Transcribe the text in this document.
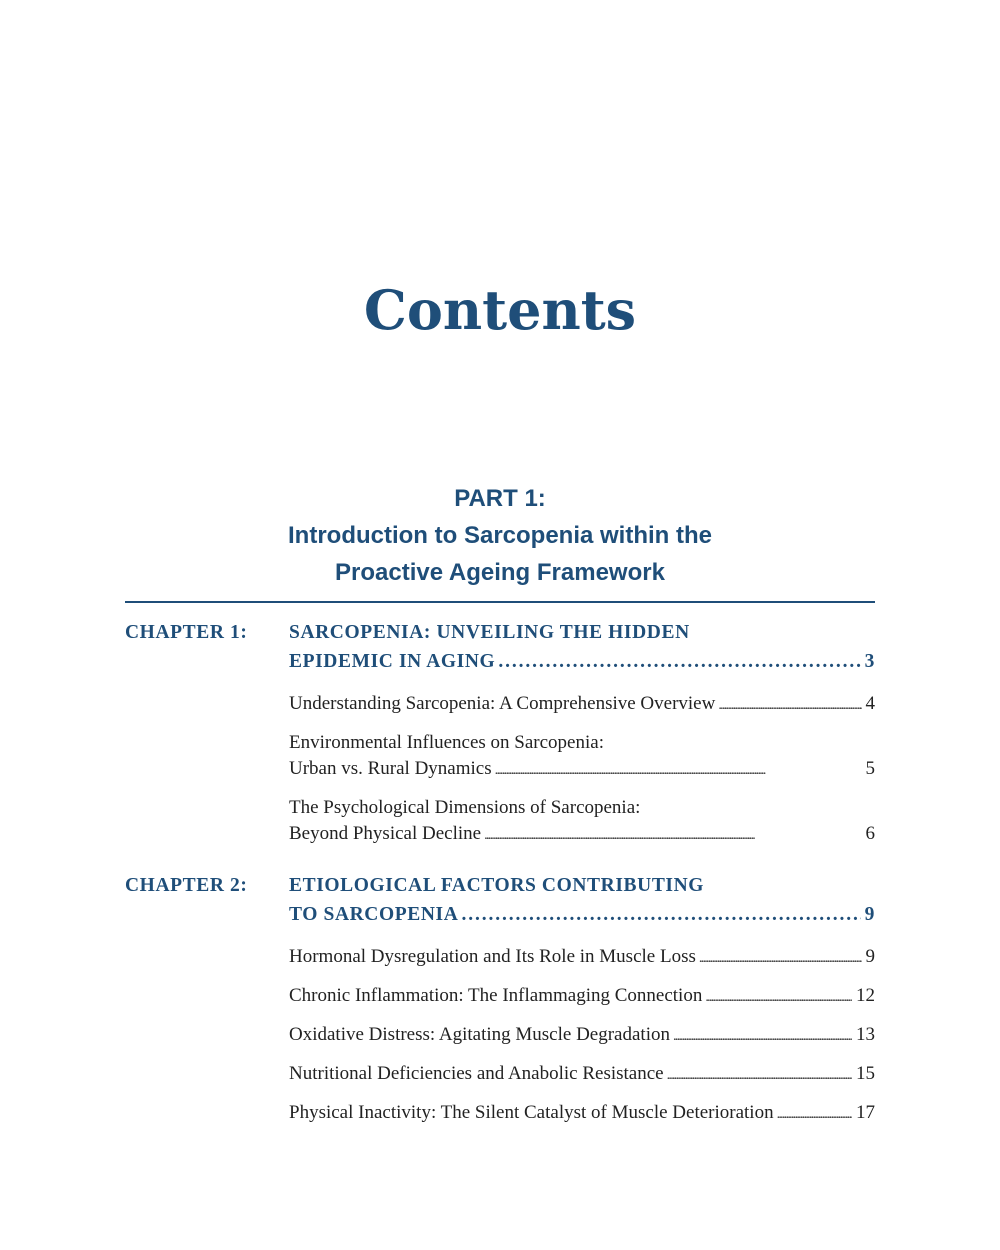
Contents
PART 1:
Introduction to Sarcopenia within the
Proactive Ageing Framework
CHAPTER 1: SARCOPENIA: UNVEILING THE HIDDEN
EPIDEMIC IN AGING . . .	3
Understanding Sarcopenia: A Comprehensive Overview . . .	4
Environmental Influences on Sarcopenia:
Urban vs. Rural Dynamics . . .	5
The Psychological Dimensions of Sarcopenia:
Beyond Physical Decline . . .	6
CHAPTER 2: ETIOLOGICAL FACTORS CONTRIBUTING
TO SARCOPENIA . . .	9
Hormonal Dysregulation and Its Role in Muscle Loss . . .	9
Chronic Inflammation: The Inflammaging Connection . . .	12
Oxidative Distress: Agitating Muscle Degradation . . .	13
Nutritional Deficiencies and Anabolic Resistance . . .	15
Physical Inactivity: The Silent Catalyst of Muscle Deterioration . . .	17
